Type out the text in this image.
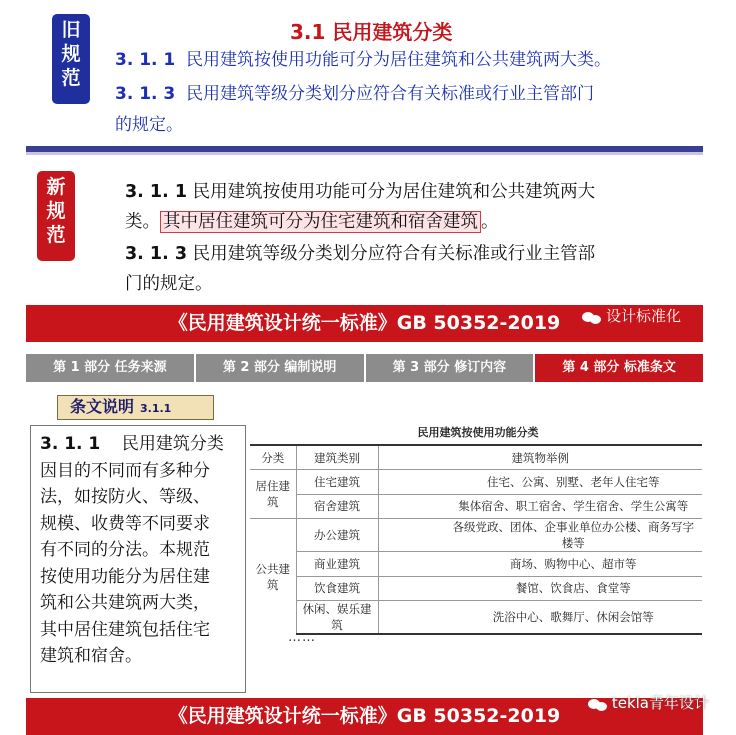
旧
规
范
3.1 民用建筑分类
3. 1. 1 民用建筑按使用功能可分为居住建筑和公共建筑两大类。
3. 1. 3 民用建筑等级分类划分应符合有关标准或行业主管部门
的规定。
新
规
范
3. 1. 1 民用建筑按使用功能可分为居住建筑和公共建筑两大
类。 其中居住建筑可分为住宅建筑和宿舍建筑 。
3. 1. 3 民用建筑等级分类划分应符合有关标准或行业主管部
门的规定。
《民用建筑设计统一标准》GB 50352-2019	设计标准化
第 1 部分 任务来源	第 2 部分 编制说明	第 3 部分 修订内容	第 4 部分 标准条文
条文说明 3.1.1
3. 1. 1 民用建筑分类
因目的不同而有多种分
法，如按防火、等级、
规模、收费等不同要求
有不同的分法。本规范
按使用功能分为居住建
筑和公共建筑两大类，
其中居住建筑包括住宅
建筑和宿舍。
民用建筑按使用功能分类
分类	建筑类别	建筑物举例
居住建筑	住宅建筑	住宅、公寓、别墅、老年人住宅等
	宿舍建筑	集体宿舍、职工宿舍、学生宿舍、学生公寓等
公共建筑	办公建筑	各级党政、团体、企事业单位办公楼、商务写字楼等
	商业建筑	商场、购物中心、超市等
	饮食建筑	餐馆、饮食店、食堂等
	休闲、娱乐建筑	洗浴中心、歌舞厅、休闲会馆等
……
《民用建筑设计统一标准》GB 50352-2019
tekla青年设计
